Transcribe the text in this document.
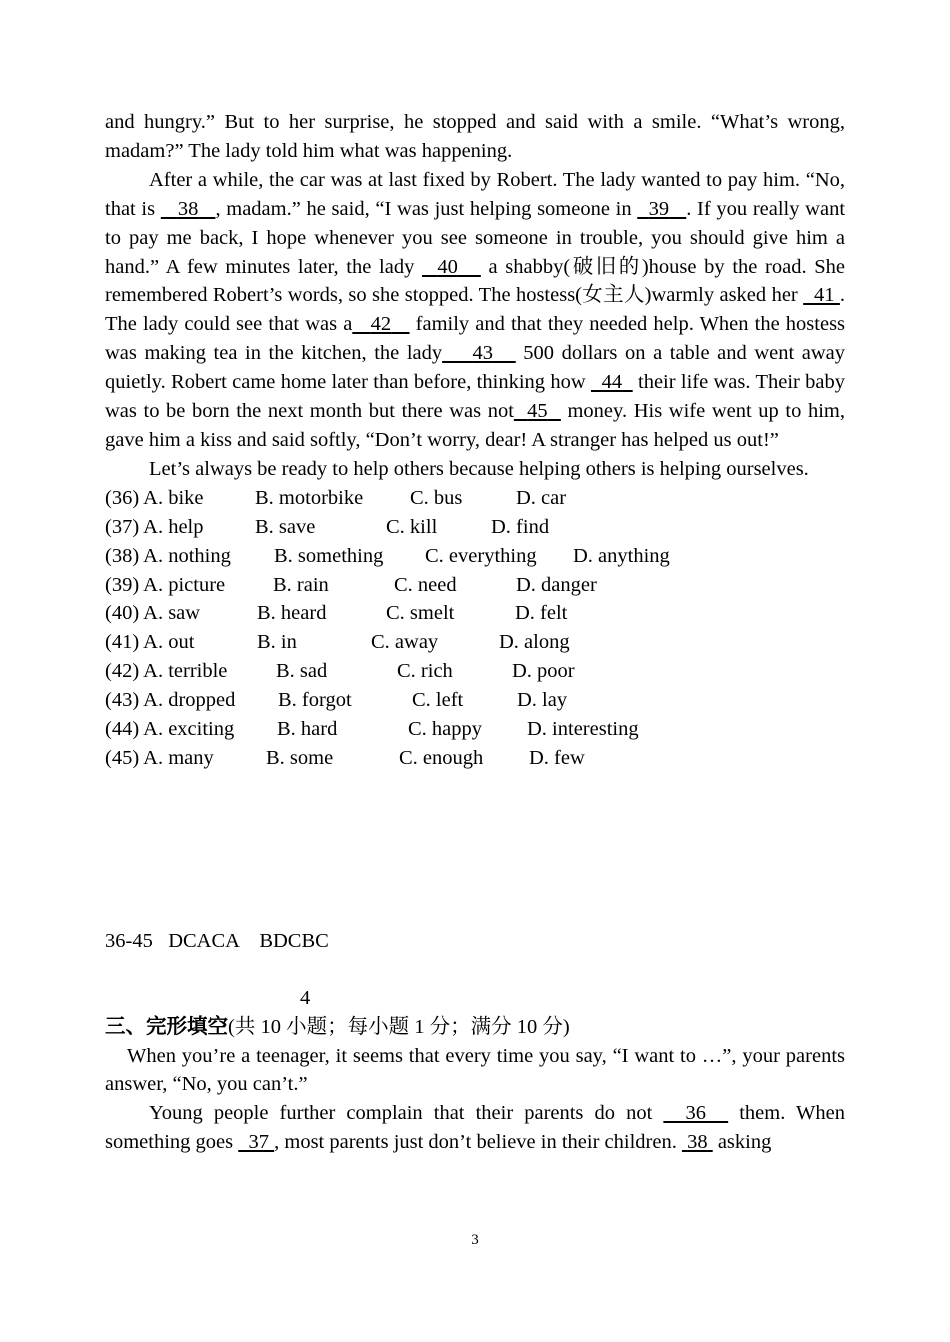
and hungry.” But to her surprise, he stopped and said with a smile. “What’s wrong, madam?” The lady told him what was happening.

After a while, the car was at last fixed by Robert. The lady wanted to pay him. “No, that is    38 , madam.” he said, “I was just helping someone in   39 . If you really want to pay me back, I hope whenever you see someone in trouble, you should give him a hand.” A few minutes later, the lady   40    a shabby(破旧的)house by the road. She remembered Robert’s words, so she stopped. The hostess(女主人)warmly asked her   41 . The lady could see that was a 42    family and that they needed help. When the hostess was making tea in the kitchen, the lady 43    500 dollars on a table and went away quietly. Robert came home later than before, thinking how   44   their life was. Their baby was to be born the next month but there was not 45   money. His wife went up to him, gave him a kiss and said softly, “Don’t worry, dear! A stranger has helped us out!”

Let’s always be ready to help others because helping others is helping ourselves.

(36) A. bike	B. motorbike	C. bus	D. car
(37) A. help	B. save	C. kill	D. find
(38) A. nothing	B. something	C. everything	D. anything
(39) A. picture	B. rain	C. need	D. danger
(40) A. saw	B. heard	C. smelt	D. felt
(41) A. out	B. in	C. away	D. along
(42) A. terrible	B. sad	C. rich	D. poor
(43) A. dropped	B. forgot	C. left	D. lay
(44) A. exciting	B. hard	C. happy	D. interesting
(45) A. many	B. some	C. enough	D. few

36-45   DCACA    BDCBC

4

三、完形填空(共 10 小题；每小题 1 分；满分 10 分)

When you’re a teenager, it seems that every time you say, “I want to …”, your parents answer, “No, you can’t.”

Young people further complain that their parents do not   36   them. When something goes   37 , most parents just don’t believe in their children.  38  asking

3
